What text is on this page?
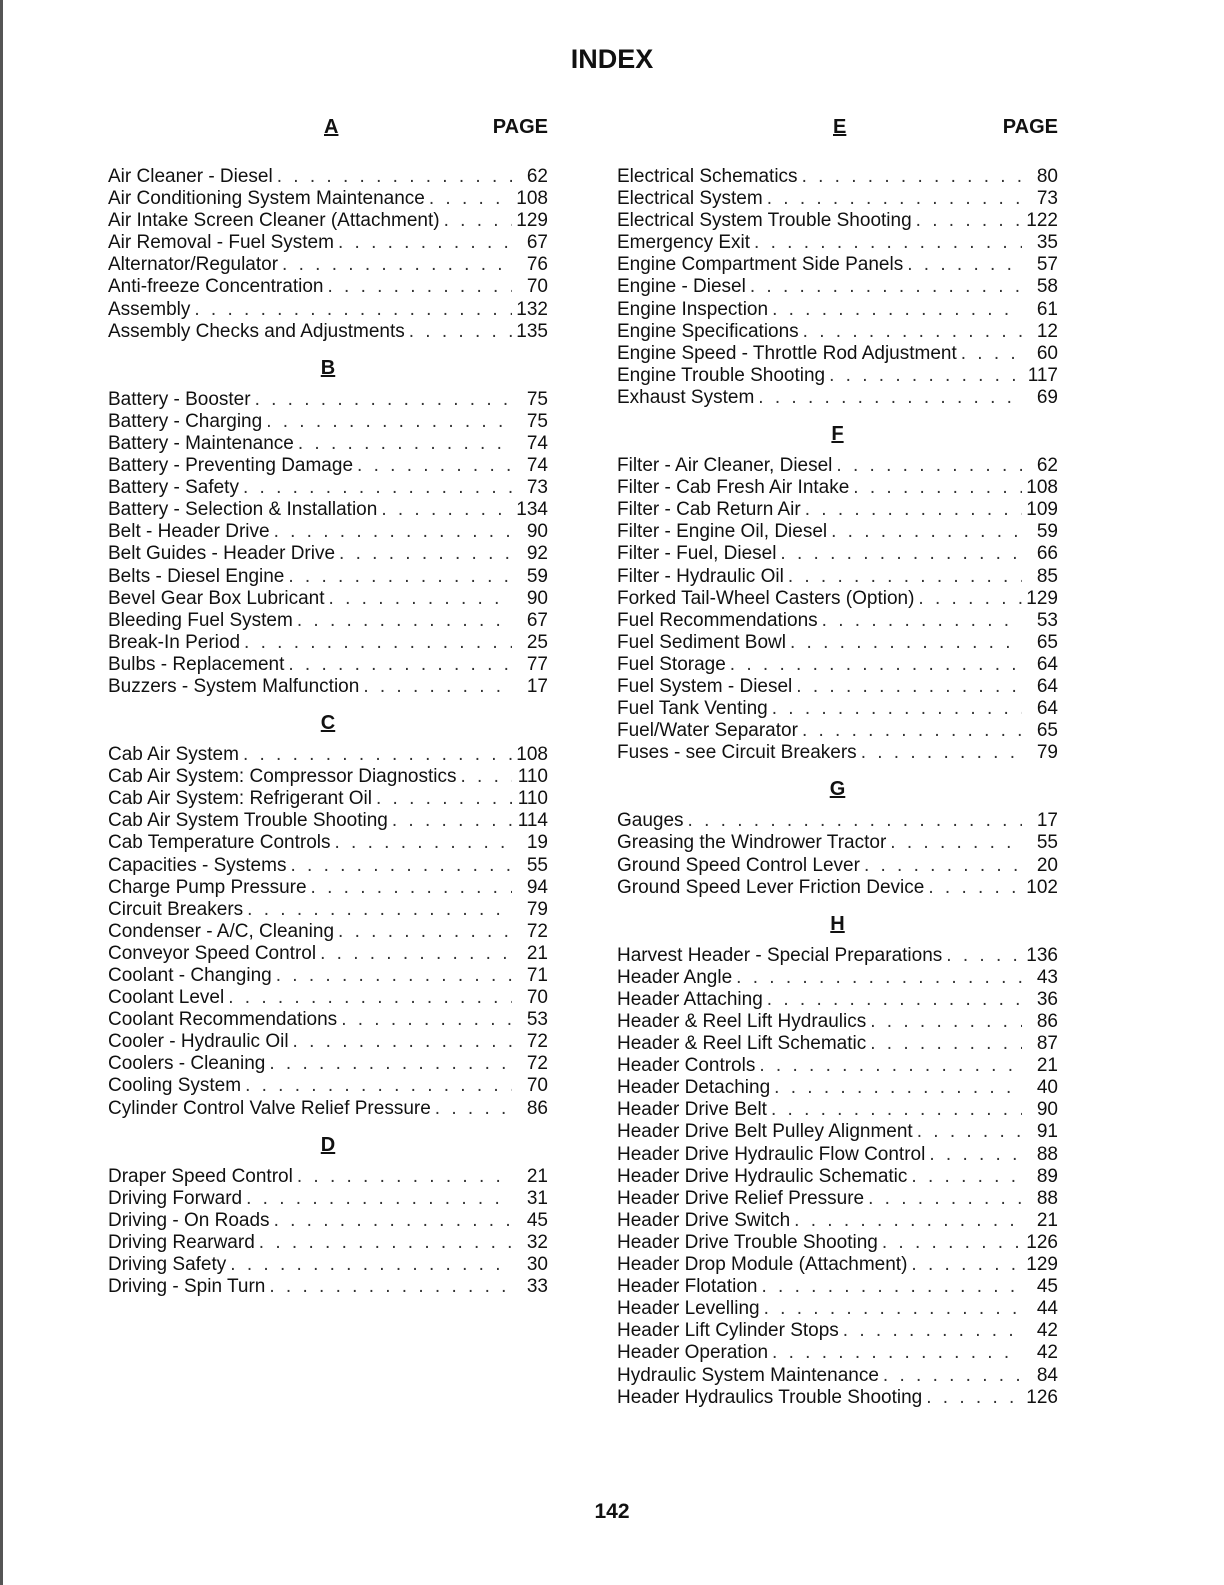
INDEX
A	PAGE
Air Cleaner - Diesel . . .	62
Air Conditioning System Maintenance . . .	108
Air Intake Screen Cleaner (Attachment) . . .	129
Air Removal - Fuel System . . .	67
Alternator/Regulator . . .	76
Anti-freeze Concentration . . .	70
Assembly . . .	132
Assembly Checks and Adjustments . . .	135
B
Battery - Booster . . .	75
Battery - Charging . . .	75
Battery - Maintenance . . .	74
Battery - Preventing Damage . . .	74
Battery - Safety . . .	73
Battery - Selection & Installation . . .	134
Belt - Header Drive . . .	90
Belt Guides - Header Drive . . .	92
Belts - Diesel Engine . . .	59
Bevel Gear Box Lubricant . . .	90
Bleeding Fuel System . . .	67
Break-In Period . . .	25
Bulbs - Replacement . . .	77
Buzzers - System Malfunction . . .	17
C
Cab Air System . . .	108
Cab Air System: Compressor Diagnostics . . .	110
Cab Air System: Refrigerant Oil . . .	110
Cab Air System Trouble Shooting . . .	114
Cab Temperature Controls . . .	19
Capacities - Systems . . .	55
Charge Pump Pressure . . .	94
Circuit Breakers . . .	79
Condenser - A/C, Cleaning . . .	72
Conveyor Speed Control . . .	21
Coolant - Changing . . .	71
Coolant Level . . .	70
Coolant Recommendations . . .	53
Cooler - Hydraulic Oil . . .	72
Coolers - Cleaning . . .	72
Cooling System . . .	70
Cylinder Control Valve Relief Pressure . . .	86
D
Draper Speed Control . . .	21
Driving Forward . . .	31
Driving - On Roads . . .	45
Driving Rearward . . .	32
Driving Safety . . .	30
Driving - Spin Turn . . .	33
E	PAGE
Electrical Schematics . . .	80
Electrical System . . .	73
Electrical System Trouble Shooting . . .	122
Emergency Exit . . .	35
Engine Compartment Side Panels . . .	57
Engine - Diesel . . .	58
Engine Inspection . . .	61
Engine Specifications . . .	12
Engine Speed - Throttle Rod Adjustment . . .	60
Engine Trouble Shooting . . .	117
Exhaust System . . .	69
F
Filter - Air Cleaner, Diesel . . .	62
Filter - Cab Fresh Air Intake . . .	108
Filter - Cab Return Air . . .	109
Filter - Engine Oil, Diesel . . .	59
Filter - Fuel, Diesel . . .	66
Filter - Hydraulic Oil . . .	85
Forked Tail-Wheel Casters (Option) . . .	129
Fuel Recommendations . . .	53
Fuel Sediment Bowl . . .	65
Fuel Storage . . .	64
Fuel System - Diesel . . .	64
Fuel Tank Venting . . .	64
Fuel/Water Separator . . .	65
Fuses - see Circuit Breakers . . .	79
G
Gauges . . .	17
Greasing the Windrower Tractor . . .	55
Ground Speed Control Lever . . .	20
Ground Speed Lever Friction Device . . .	102
H
Harvest Header - Special Preparations . . .	136
Header Angle . . .	43
Header Attaching . . .	36
Header & Reel Lift Hydraulics . . .	86
Header & Reel Lift Schematic . . .	87
Header Controls . . .	21
Header Detaching . . .	40
Header Drive Belt . . .	90
Header Drive Belt Pulley Alignment . . .	91
Header Drive Hydraulic Flow Control . . .	88
Header Drive Hydraulic Schematic . . .	89
Header Drive Relief Pressure . . .	88
Header Drive Switch . . .	21
Header Drive Trouble Shooting . . .	126
Header Drop Module (Attachment) . . .	129
Header Flotation . . .	45
Header Levelling . . .	44
Header Lift Cylinder Stops . . .	42
Header Operation . . .	42
Hydraulic System Maintenance . . .	84
Header Hydraulics Trouble Shooting . . .	126
142
